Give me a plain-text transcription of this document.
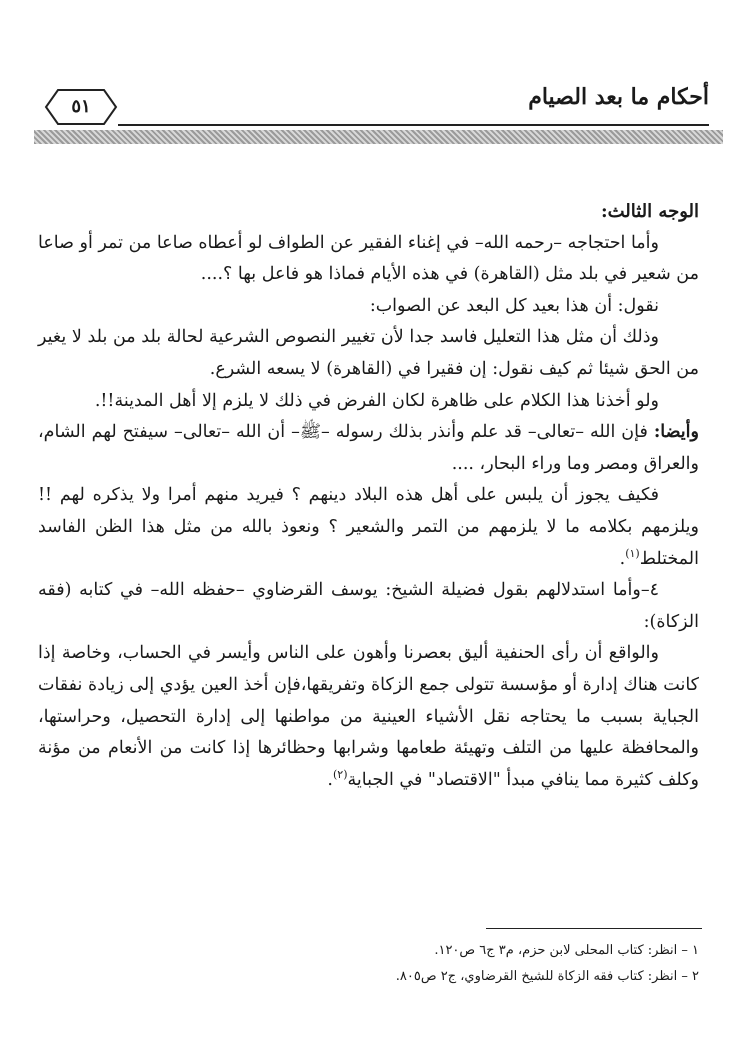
٥١	أحكام ما بعد الصيام

الوجه الثالث:

وأما احتجاجه –رحمه الله– في إغناء الفقير عن الطواف لو أعطاه صاعا من تمر أو صاعا من شعير في بلد مثل (القاهرة) في هذه الأيام فماذا هو فاعل بها ؟....

نقول: أن هذا بعيد كل البعد عن الصواب:

وذلك أن مثل هذا التعليل فاسد جدا لأن تغيير النصوص الشرعية لحالة بلد من بلد لا يغير من الحق شيئا ثم كيف نقول: إن فقيرا في (القاهرة) لا يسعه الشرع.

ولو أخذنا هذا الكلام على ظاهرة لكان الفرض في ذلك لا يلزم إلا أهل المدينة!!.

وأيضا: فإن الله –تعالى– قد علم وأنذر بذلك رسوله –ﷺ– أن الله –تعالى– سيفتح لهم الشام، والعراق ومصر وما وراء البحار، ....

فكيف يجوز أن يلبس على أهل هذه البلاد دينهم ؟ فيريد منهم أمرا ولا يذكره لهم !! ويلزمهم بكلامه ما لا يلزمهم من التمر والشعير ؟ ونعوذ بالله من مثل هذا الظن الفاسد المختلط$^{(١)}$.

٤–وأما استدلالهم بقول فضيلة الشيخ: يوسف القرضاوي –حفظه الله– في كتابه (فقه الزكاة):

والواقع أن رأى الحنفية أليق بعصرنا وأهون على الناس وأيسر في الحساب، وخاصة إذا كانت هناك إدارة أو مؤسسة تتولى جمع الزكاة وتفريقها،فإن أخذ العين يؤدي إلى زيادة نفقات الجباية بسبب ما يحتاجه نقل الأشياء العينية من مواطنها إلى إدارة التحصيل، وحراستها، والمحافظة عليها من التلف وتهيئة طعامها وشرابها وحظائرها إذا كانت من الأنعام من مؤنة وكلف كثيرة مما ينافي مبدأ "الاقتصاد" في الجباية$^{(٢)}$.

١ – انظر: كتاب المحلى لابن حزم، م٣ ج٦ ص١٢٠.

٢ – انظر: كتاب فقه الزكاة للشيخ القرضاوي، ج٢ ص٨٠٥.
